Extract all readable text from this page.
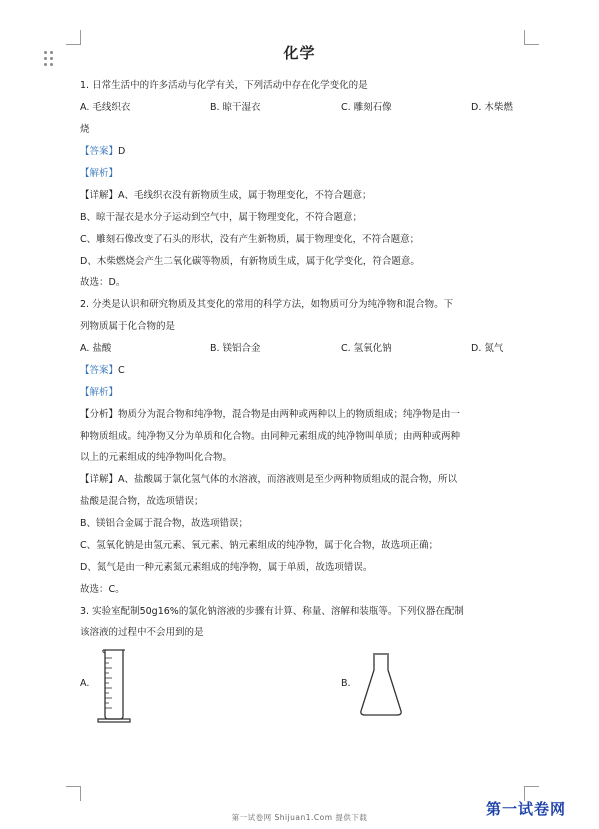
化学
1. 日常生活中的许多活动与化学有关，下列活动中存在化学变化的是
A. 毛线织衣	B. 晾干湿衣	C. 雕刻石像	D. 木柴燃
烧
【答案】D
【解析】
【详解】A、毛线织衣没有新物质生成，属于物理变化，不符合题意；
B、晾干湿衣是水分子运动到空气中，属于物理变化，不符合题意；
C、雕刻石像改变了石头的形状，没有产生新物质，属于物理变化，不符合题意；
D、木柴燃烧会产生二氧化碳等物质，有新物质生成，属于化学变化，符合题意。
故选：D。
2. 分类是认识和研究物质及其变化的常用的科学方法，如物质可分为纯净物和混合物。下
列物质属于化合物的是
A. 盐酸	B. 镁铝合金	C. 氢氧化钠	D. 氮气
【答案】C
【解析】
【分析】物质分为混合物和纯净物，混合物是由两种或两种以上的物质组成；纯净物是由一
种物质组成。纯净物又分为单质和化合物。由同种元素组成的纯净物叫单质；由两种或两种
以上的元素组成的纯净物叫化合物。
【详解】A、盐酸属于氯化氢气体的水溶液，而溶液则是至少两种物质组成的混合物，所以
盐酸是混合物，故选项错误；
B、镁铝合金属于混合物，故选项错误；
C、氢氧化钠是由氢元素、氧元素、钠元素组成的纯净物，属于化合物，故选项正确；
D、氮气是由一种元素氮元素组成的纯净物，属于单质，故选项错误。
故选：C。
3. 实验室配制50g16%的氯化钠溶液的步骤有计算、称量、溶解和装瓶等。下列仪器在配制
该溶液的过程中不会用到的是
A.	B.
第一试卷网 Shijuan1.Com 提供下载	第一试卷网
